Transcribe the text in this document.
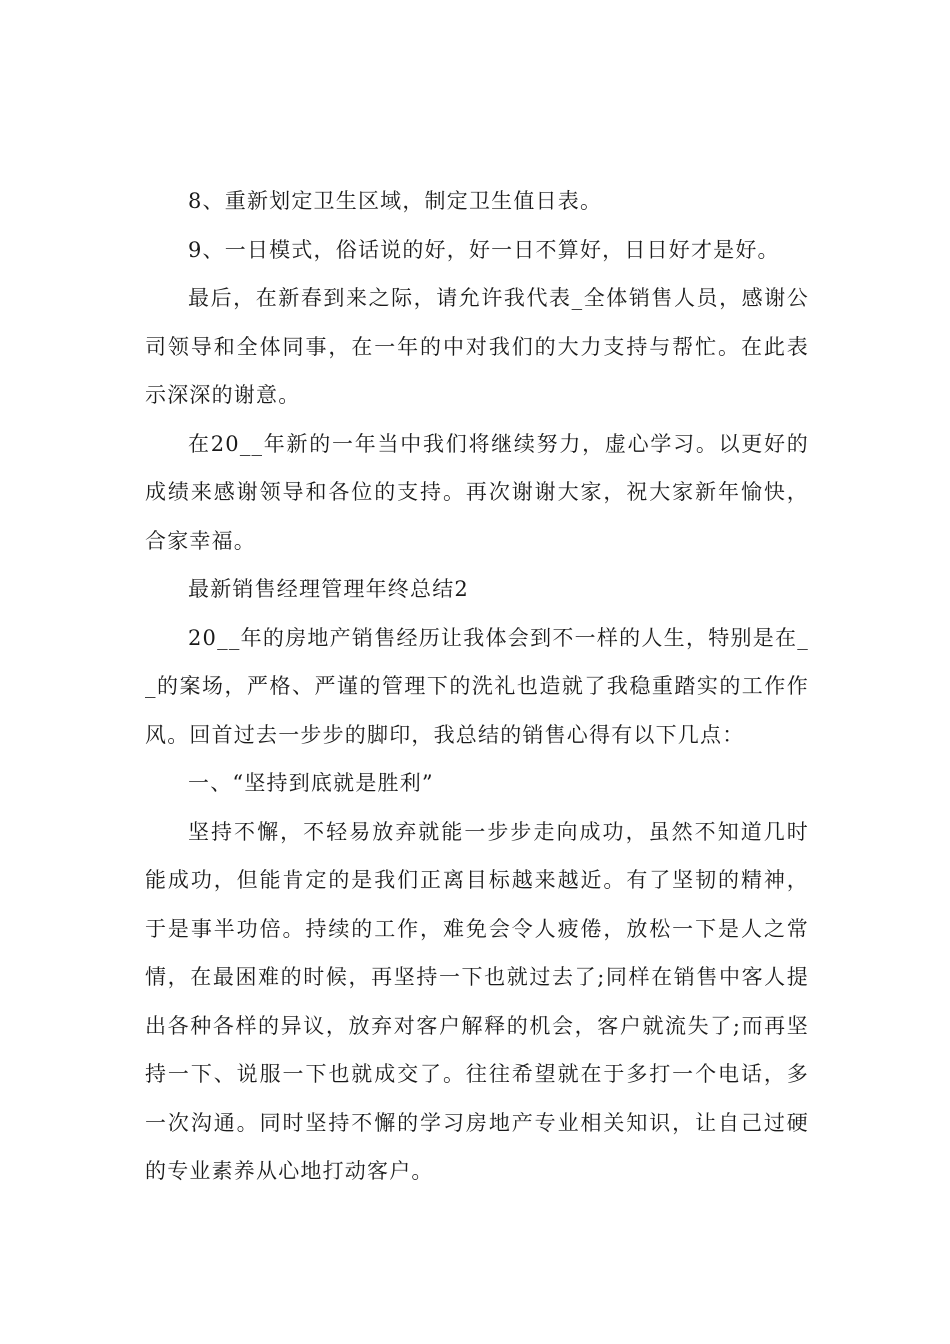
8、重新划定卫生区域，制定卫生值日表。

9、一日模式，俗话说的好，好一日不算好，日日好才是好。

最后，在新春到来之际，请允许我代表_全体销售人员，感谢公司领导和全体同事，在一年的中对我们的大力支持与帮忙。在此表示深深的谢意。

在20__年新的一年当中我们将继续努力，虚心学习。以更好的成绩来感谢领导和各位的支持。再次谢谢大家，祝大家新年愉快，合家幸福。

最新销售经理管理年终总结2

20__年的房地产销售经历让我体会到不一样的人生，特别是在__的案场，严格、严谨的管理下的洗礼也造就了我稳重踏实的工作作风。回首过去一步步的脚印，我总结的销售心得有以下几点：

一、“坚持到底就是胜利”

坚持不懈，不轻易放弃就能一步步走向成功，虽然不知道几时能成功，但能肯定的是我们正离目标越来越近。有了坚韧的精神，于是事半功倍。持续的工作，难免会令人疲倦，放松一下是人之常情，在最困难的时候，再坚持一下也就过去了;同样在销售中客人提出各种各样的异议，放弃对客户解释的机会，客户就流失了;而再坚持一下、说服一下也就成交了。往往希望就在于多打一个电话，多一次沟通。同时坚持不懈的学习房地产专业相关知识，让自己过硬的专业素养从心地打动客户。
